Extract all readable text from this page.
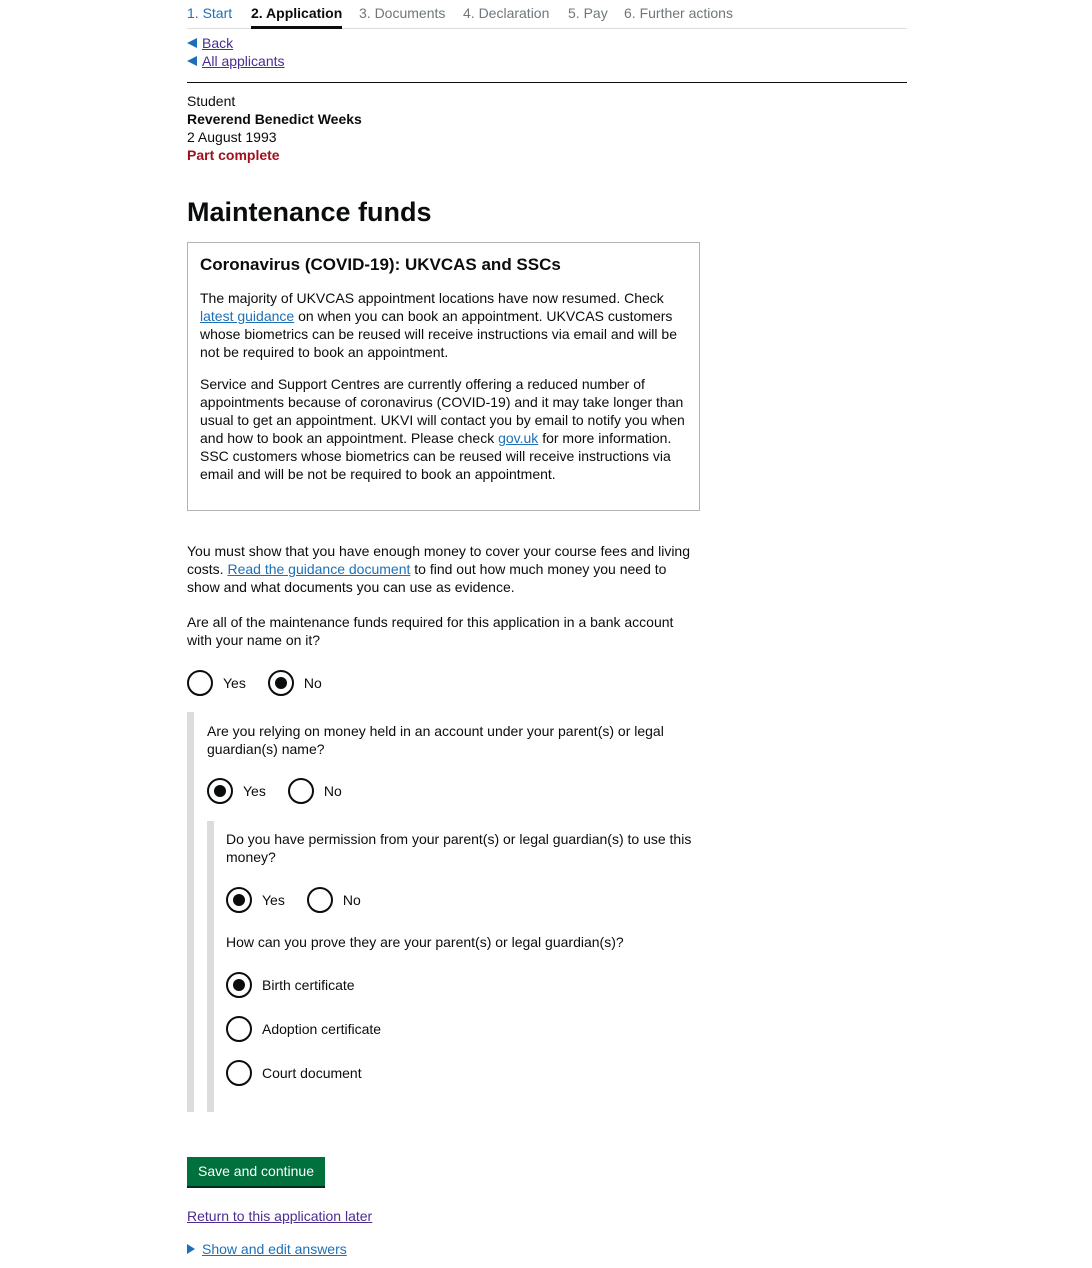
1. Start 2. Application 3. Documents 4. Declaration 5. Pay 6. Further actions
Back
All applicants
Student
Reverend Benedict Weeks
2 August 1993
Part complete
Maintenance funds
Coronavirus (COVID-19): UKVCAS and SSCs

The majority of UKVCAS appointment locations have now resumed. Check latest guidance on when you can book an appointment. UKVCAS customers whose biometrics can be reused will receive instructions via email and will be not be required to book an appointment.

Service and Support Centres are currently offering a reduced number of appointments because of coronavirus (COVID-19) and it may take longer than usual to get an appointment. UKVI will contact you by email to notify you when and how to book an appointment. Please check gov.uk for more information. SSC customers whose biometrics can be reused will receive instructions via email and will be not be required to book an appointment.

You must show that you have enough money to cover your course fees and living costs. Read the guidance document to find out how much money you need to show and what documents you can use as evidence.

Are all of the maintenance funds required for this application in a bank account with your name on it?

Yes	No

Are you relying on money held in an account under your parent(s) or legal guardian(s) name?

Yes	No

Do you have permission from your parent(s) or legal guardian(s) to use this money?

Yes	No

How can you prove they are your parent(s) or legal guardian(s)?

Birth certificate
Adoption certificate
Court document
Save and continue
Return to this application later
Show and edit answers
